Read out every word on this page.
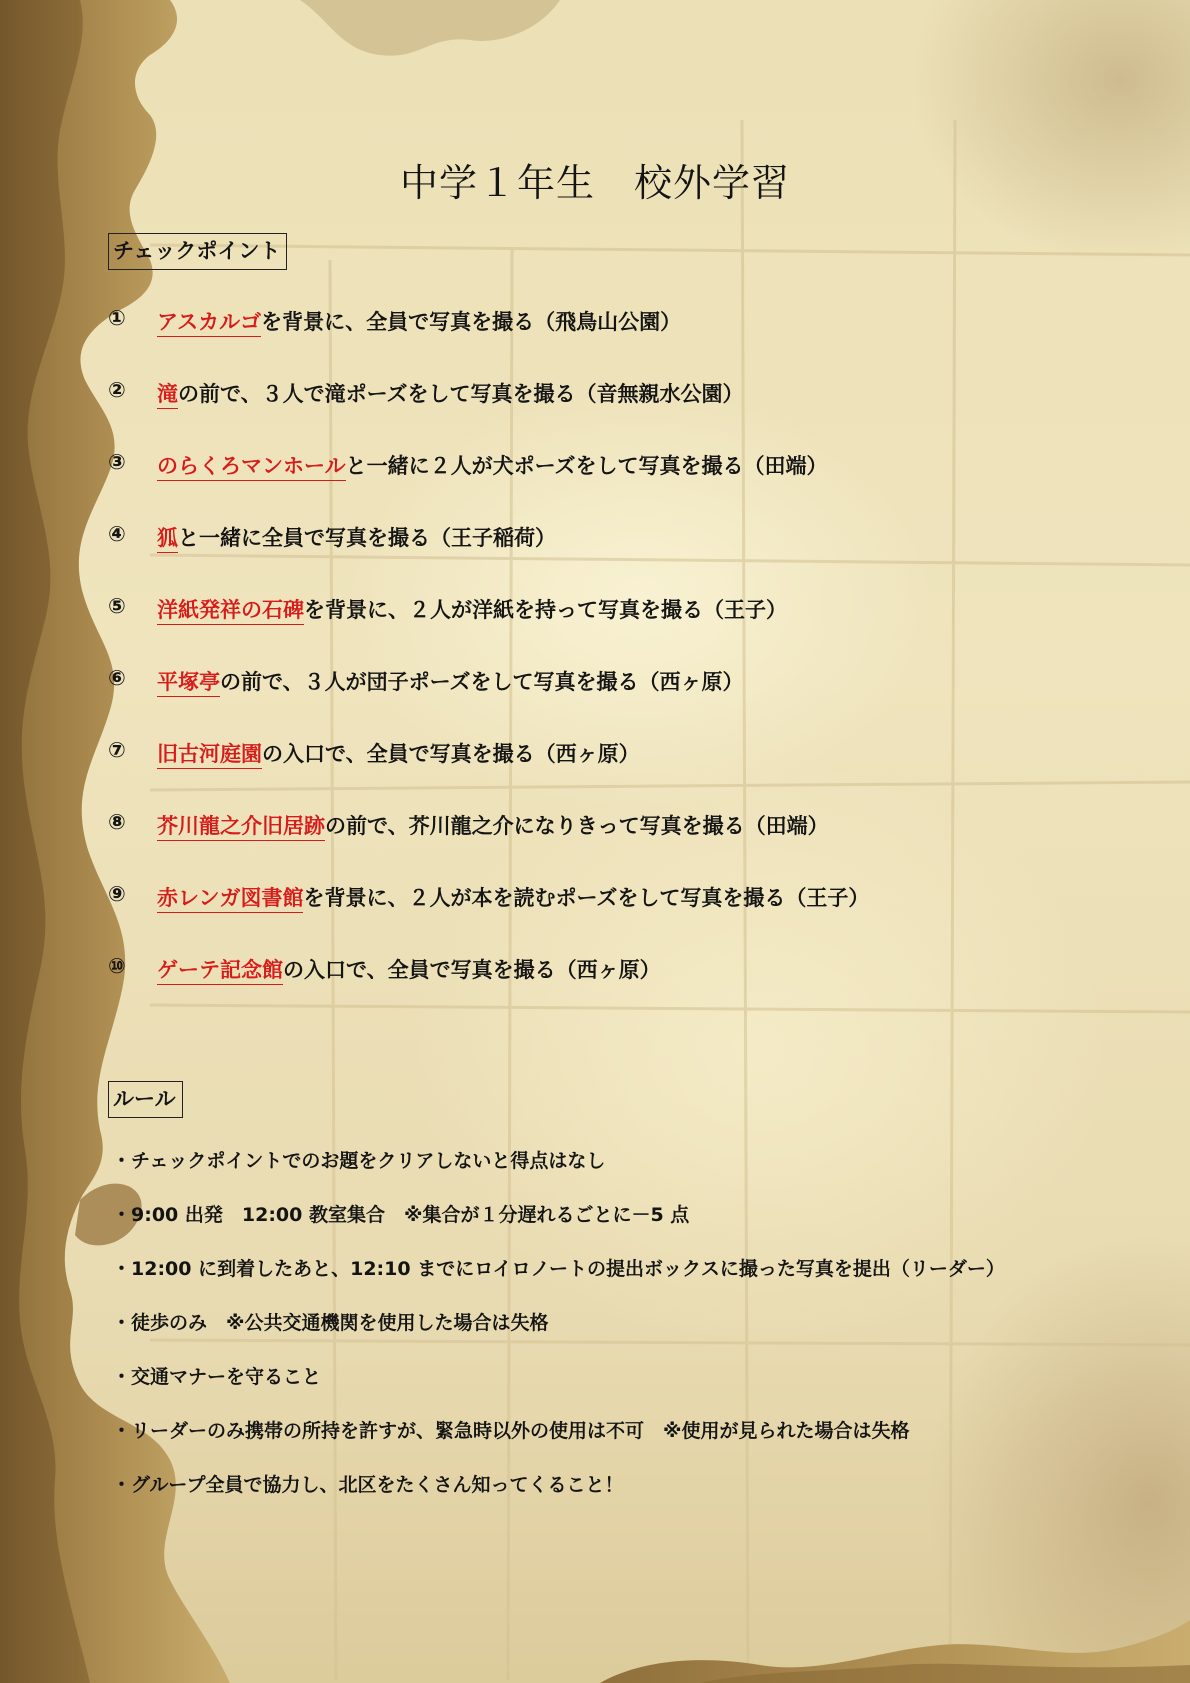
中学１年生　校外学習
チェックポイント
①	アスカルゴを背景に、全員で写真を撮る（飛鳥山公園）
②	滝の前で、３人で滝ポーズをして写真を撮る（音無親水公園）
③	のらくろマンホールと一緒に２人が犬ポーズをして写真を撮る（田端）
④	狐と一緒に全員で写真を撮る（王子稲荷）
⑤	洋紙発祥の石碑を背景に、２人が洋紙を持って写真を撮る（王子）
⑥	平塚亭の前で、３人が団子ポーズをして写真を撮る（西ヶ原）
⑦	旧古河庭園の入口で、全員で写真を撮る（西ヶ原）
⑧	芥川龍之介旧居跡の前で、芥川龍之介になりきって写真を撮る（田端）
⑨	赤レンガ図書館を背景に、２人が本を読むポーズをして写真を撮る（王子）
⑩	ゲーテ記念館の入口で、全員で写真を撮る（西ヶ原）
ルール
・チェックポイントでのお題をクリアしないと得点はなし
・9:00 出発　12:00 教室集合　※集合が１分遅れるごとに－5 点
・12:00 に到着したあと、12:10 までにロイロノートの提出ボックスに撮った写真を提出（リーダー）
・徒歩のみ　※公共交通機関を使用した場合は失格
・交通マナーを守ること
・リーダーのみ携帯の所持を許すが、緊急時以外の使用は不可　※使用が見られた場合は失格
・グループ全員で協力し、北区をたくさん知ってくること！
